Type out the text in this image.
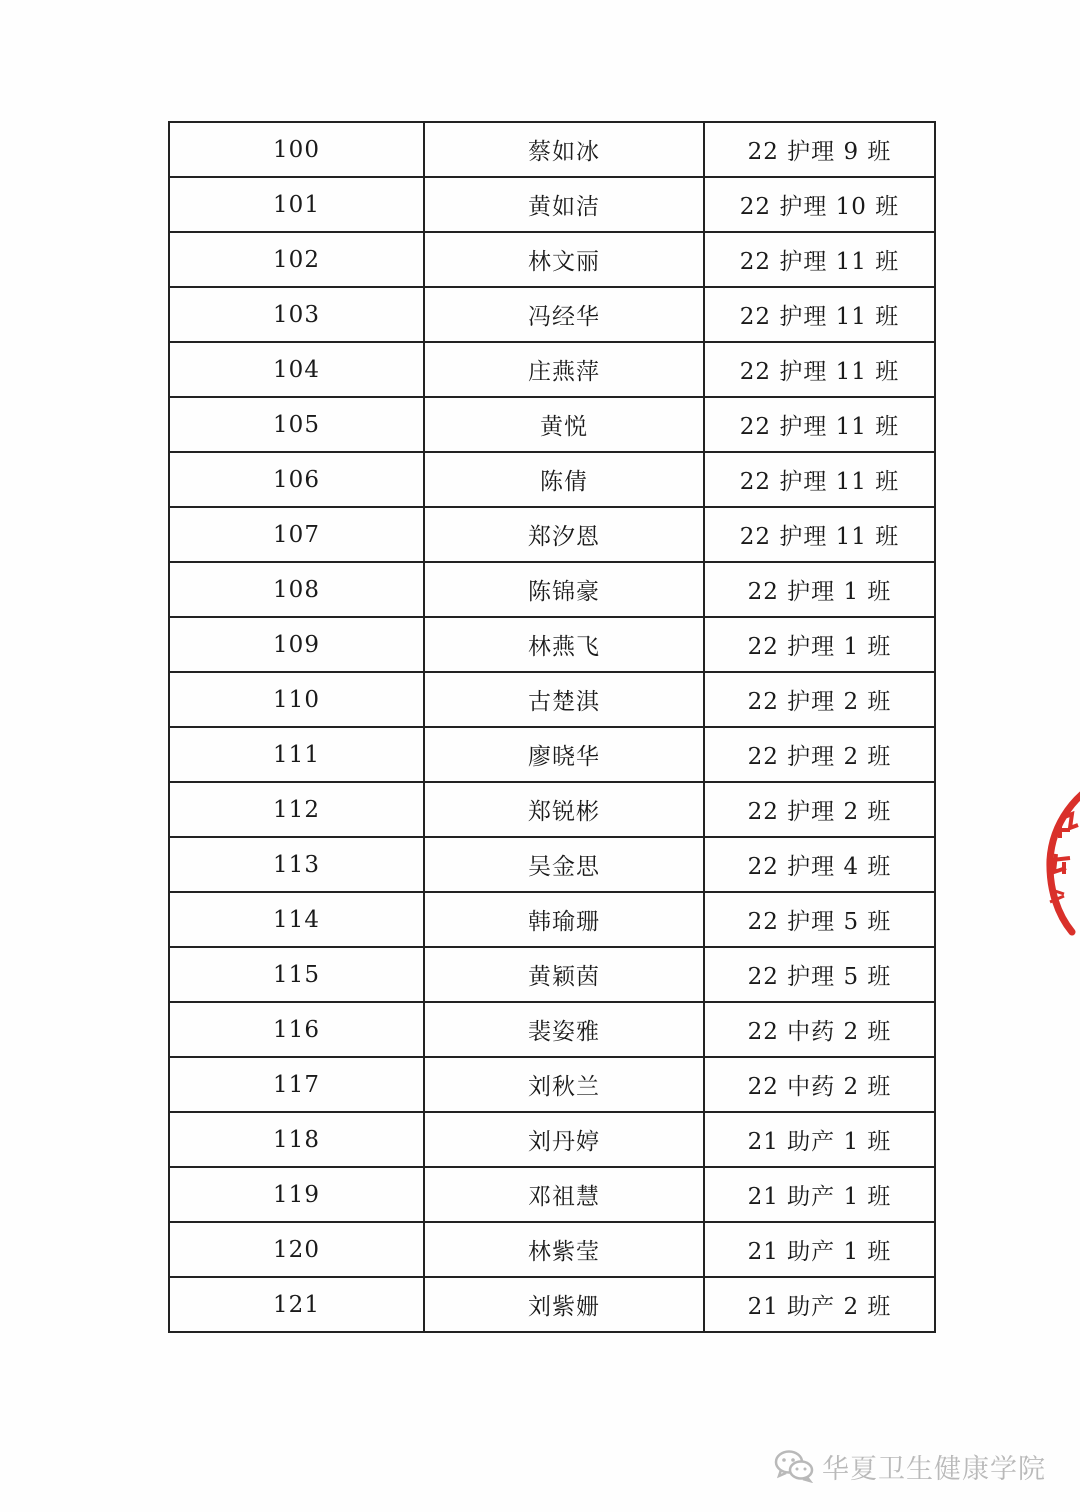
100	蔡如冰	22 护理 9 班
101	黄如洁	22 护理 10 班
102	林文丽	22 护理 11 班
103	冯经华	22 护理 11 班
104	庄燕萍	22 护理 11 班
105	黄悦	22 护理 11 班
106	陈倩	22 护理 11 班
107	郑汐恩	22 护理 11 班
108	陈锦豪	22 护理 1 班
109	林燕飞	22 护理 1 班
110	古楚淇	22 护理 2 班
111	廖晓华	22 护理 2 班
112	郑锐彬	22 护理 2 班
113	吴金思	22 护理 4 班
114	韩瑜珊	22 护理 5 班
115	黄颖茵	22 护理 5 班
116	裴姿雅	22 中药 2 班
117	刘秋兰	22 中药 2 班
118	刘丹婷	21 助产 1 班
119	邓祖慧	21 助产 1 班
120	林紫莹	21 助产 1 班
121	刘紫姗	21 助产 2 班
华夏卫生健康学院
